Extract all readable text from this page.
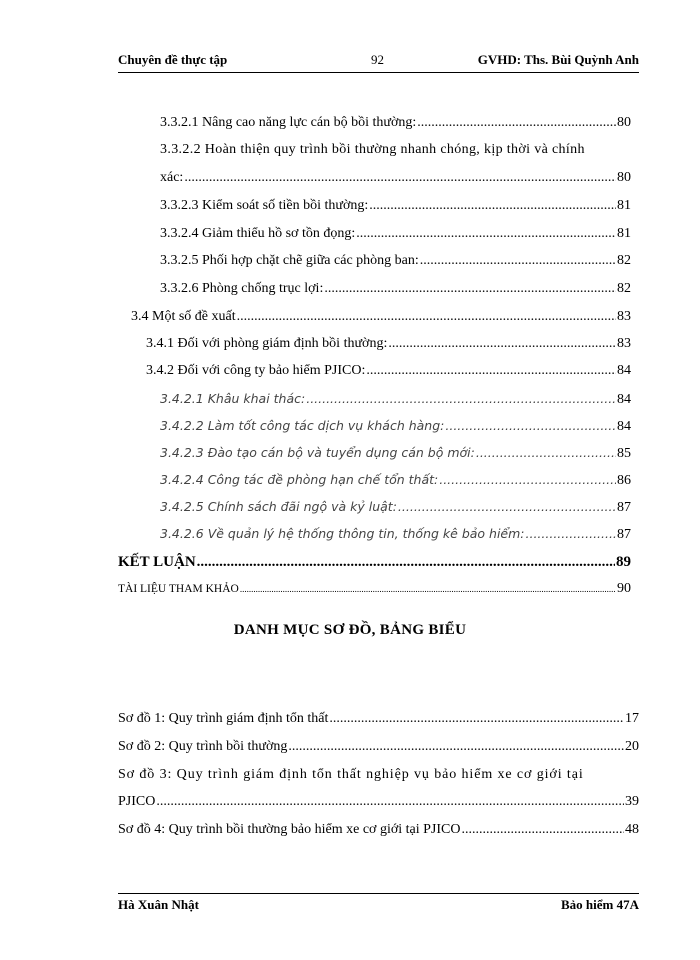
Chuyên đề thực tập	92	GVHD: Ths. Bùi Quỳnh Anh
3.3.2.1 Nâng cao năng lực cán bộ bồi thường: .....	80
3.3.2.2 Hoàn thiện quy trình bồi thường nhanh chóng, kịp thời và chính
xác: .....	80
3.3.2.3 Kiểm soát số tiền bồi thường: .....	81
3.3.2.4 Giảm thiểu hồ sơ tồn đọng: .....	81
3.3.2.5 Phối hợp chặt chẽ giữa các phòng ban: .....	82
3.3.2.6 Phòng chống trục lợi: .....	82
3.4 Một số đề xuất .....	83
3.4.1 Đối với phòng giám định bồi thường: .....	83
3.4.2 Đối với công ty bảo hiểm PJICO: .....	84
3.4.2.1 Khâu khai thác: .....	84
3.4.2.2 Làm tốt công tác dịch vụ khách hàng: .....	84
3.4.2.3 Đào tạo cán bộ và tuyển dụng cán bộ mới: .....	85
3.4.2.4 Công tác đề phòng hạn chế tổn thất: .....	86
3.4.2.5 Chính sách đãi ngộ và kỷ luật: .....	87
3.4.2.6 Về quản lý hệ thống thông tin, thống kê bảo hiểm: .....	87
KẾT LUẬN .....	89
TÀI LIỆU THAM KHẢO .....	90
DANH MỤC SƠ ĐỒ, BẢNG BIỂU
Sơ đồ 1: Quy trình giám định tổn thất .....	17
Sơ đồ 2: Quy trình bồi thường .....	20
Sơ đồ 3: Quy trình giám định tổn thất nghiệp vụ bảo hiểm xe cơ giới tại
PJICO .....	39
Sơ đồ 4: Quy trình bồi thường bảo hiểm xe cơ giới tại PJICO .....	48
Hà Xuân Nhật	Bảo hiểm 47A
